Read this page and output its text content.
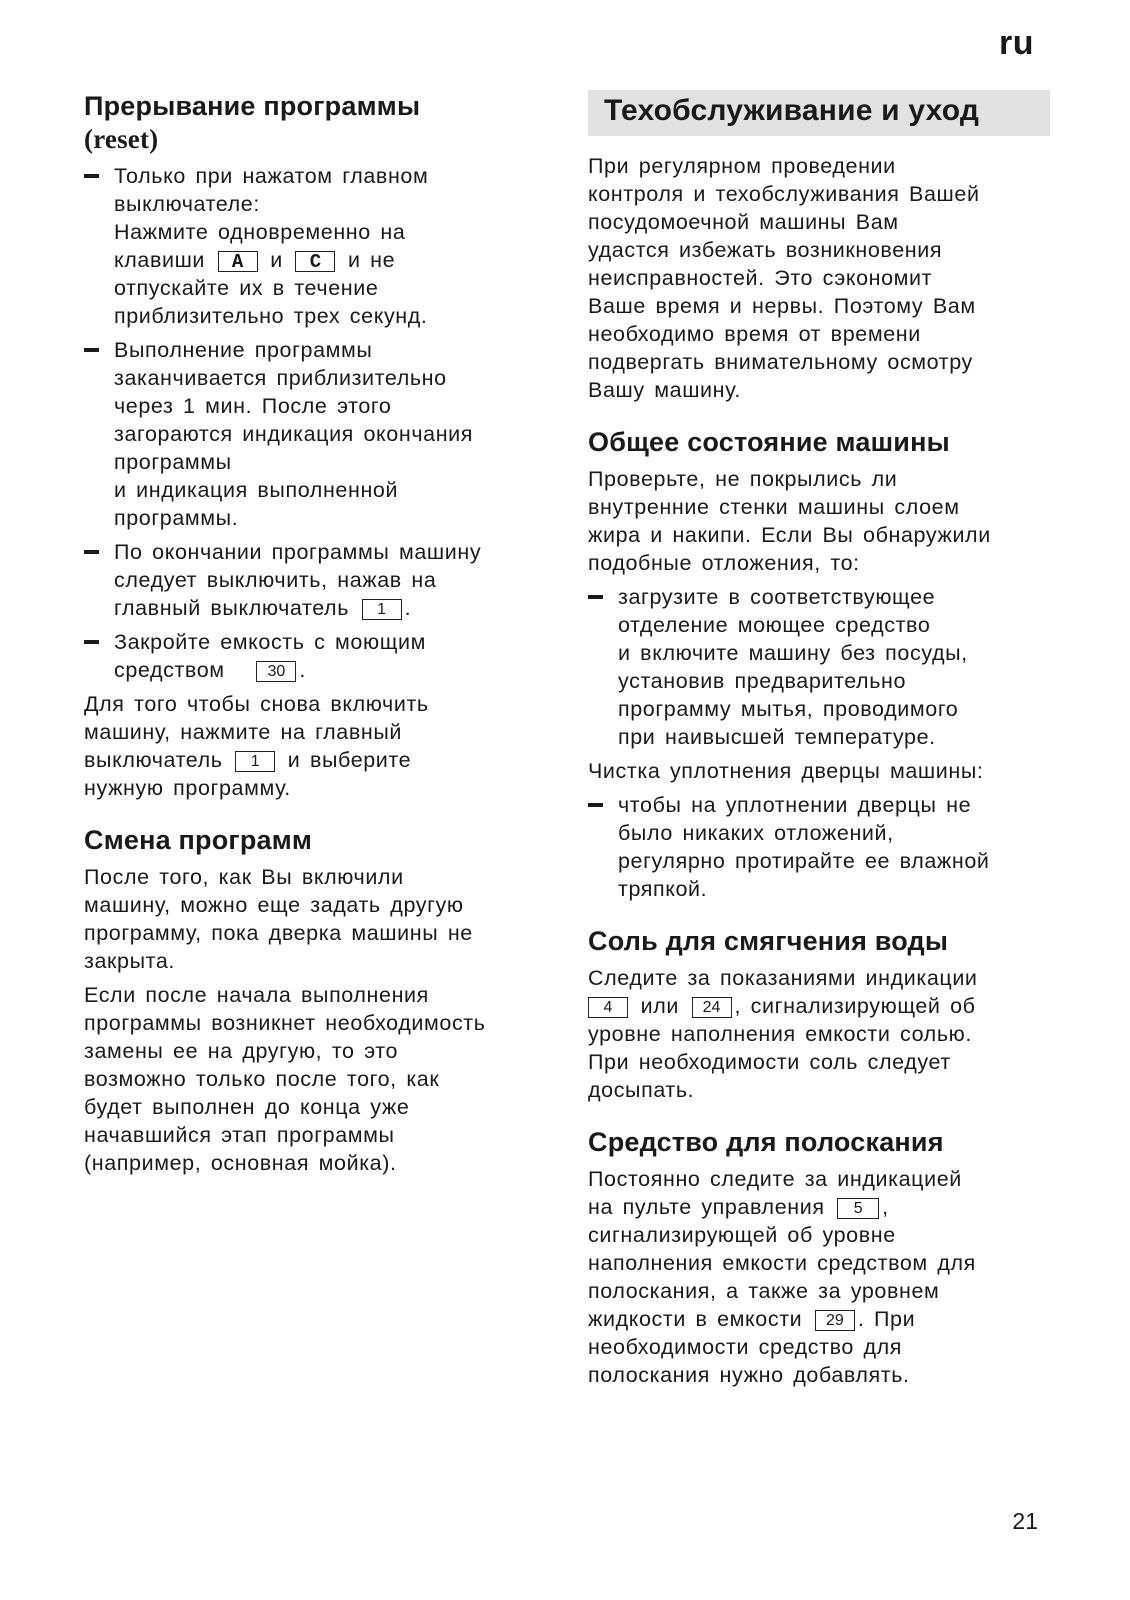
ru
Прерывание программы
(reset)
Только при нажатом главном
выключателе:
Нажмите одновременно на
клавиши A и C и не
отпускайте их в течение
приблизительно трех секунд.
Выполнение программы
заканчивается приблизительно
через 1 мин. После этого
загораются индикация окончания
программы
и индикация выполненной
программы.
По окончании программы машину
следует выключить, нажав на
главный выключатель 1 .
Закройте емкость с моющим
средством	30 .

Для того чтобы снова включить
машину, нажмите на главный
выключатель 1 и выберите
нужную программу.

Смена программ

После того, как Вы включили
машину, можно еще задать другую
программу, пока дверка машины не
закрыта.

Если после начала выполнения
программы возникнет необходимость
замены ее на другую, то это
возможно только после того, как
будет выполнен до конца уже
начавшийся этап программы
(например, основная мойка).

Техобслуживание и уход

При регулярном проведении
контроля и техобслуживания Вашей
посудомоечной машины Вам
удастся избежать возникновения
неисправностей. Это сэкономит
Ваше время и нервы. Поэтому Вам
необходимо время от времени
подвергать внимательному осмотру
Вашу машину.

Общее состояние машины

Проверьте, не покрылись ли
внутренние стенки машины слоем
жира и накипи. Если Вы обнаружили
подобные отложения, то:

загрузите в соответствующее
отделение моющее средство
и включите машину без посуды,
установив предварительно
программу мытья, проводимого
при наивысшей температуре.

Чистка уплотнения дверцы машины:

чтобы на уплотнении дверцы не
было никаких отложений,
регулярно протирайте ее влажной
тряпкой.
Соль для смягчения воды

Следите за показаниями индикации
4 или 24 , сигнализирующей об
уровне наполнения емкости солью.
При необходимости соль следует
досыпать.

Средство для полоскания

Постоянно следите за индикацией
на пульте управления 5 ,
сигнализирующей об уровне
наполнения емкости средством для
полоскания, а также за уровнем
жидкости в емкости 29 . При
необходимости средство для
полоскания нужно добавлять.

21
